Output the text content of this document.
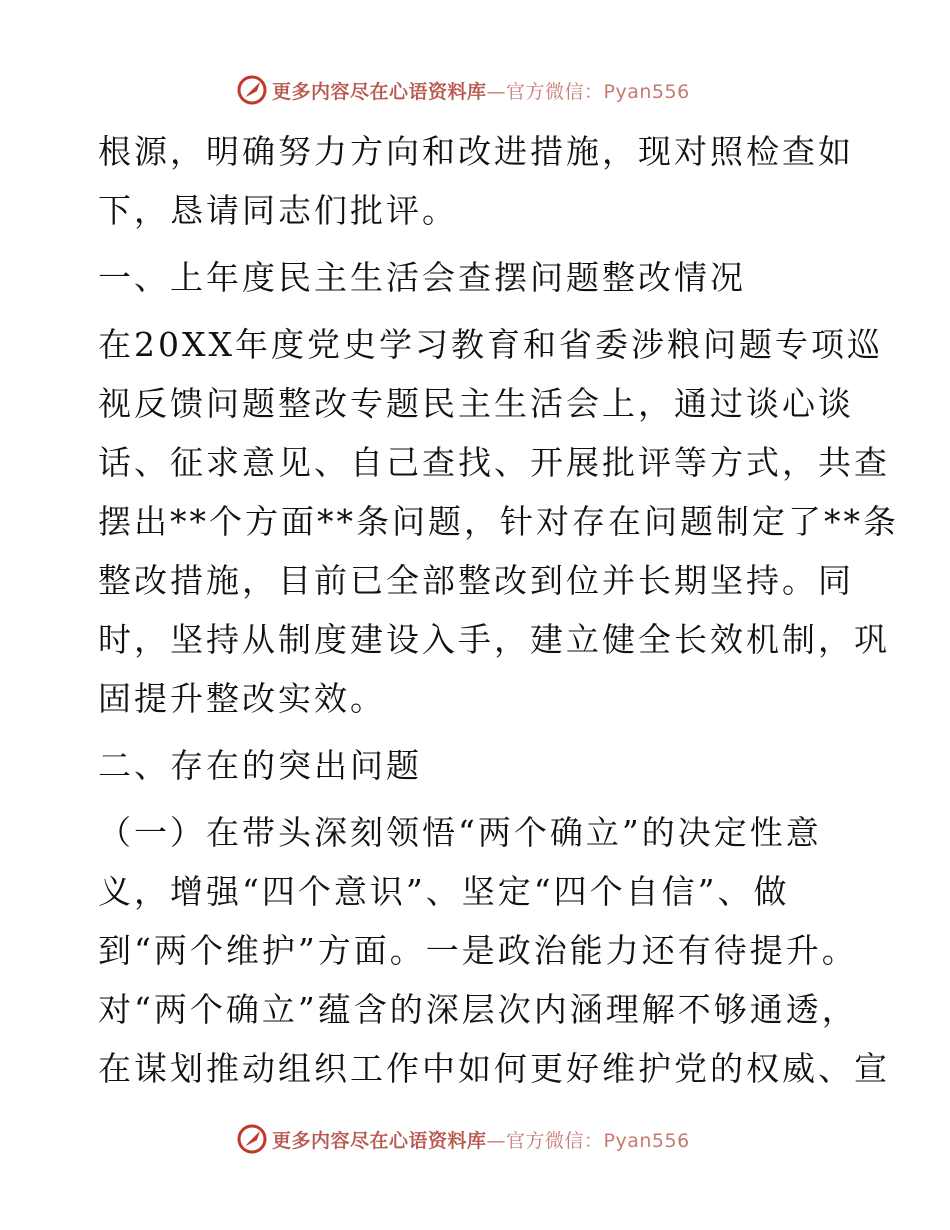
更多内容尽在心语资料库—官方微信：Pyan556
根源，明确努力方向和改进措施，现对照检查如
下，恳请同志们批评。
一、上年度民主生活会查摆问题整改情况
在20XX年度党史学习教育和省委涉粮问题专项巡
视反馈问题整改专题民主生活会上，通过谈心谈
话、征求意见、自己查找、开展批评等方式，共查
摆出**个方面**条问题，针对存在问题制定了**条
整改措施，目前已全部整改到位并长期坚持。同
时，坚持从制度建设入手，建立健全长效机制，巩
固提升整改实效。
二、存在的突出问题
（一）在带头深刻领悟“两个确立”的决定性意
义，增强“四个意识”、坚定“四个自信”、做
到“两个维护”方面。一是政治能力还有待提升。
对“两个确立”蕴含的深层次内涵理解不够通透，
在谋划推动组织工作中如何更好维护党的权威、宣
更多内容尽在心语资料库—官方微信：Pyan556
